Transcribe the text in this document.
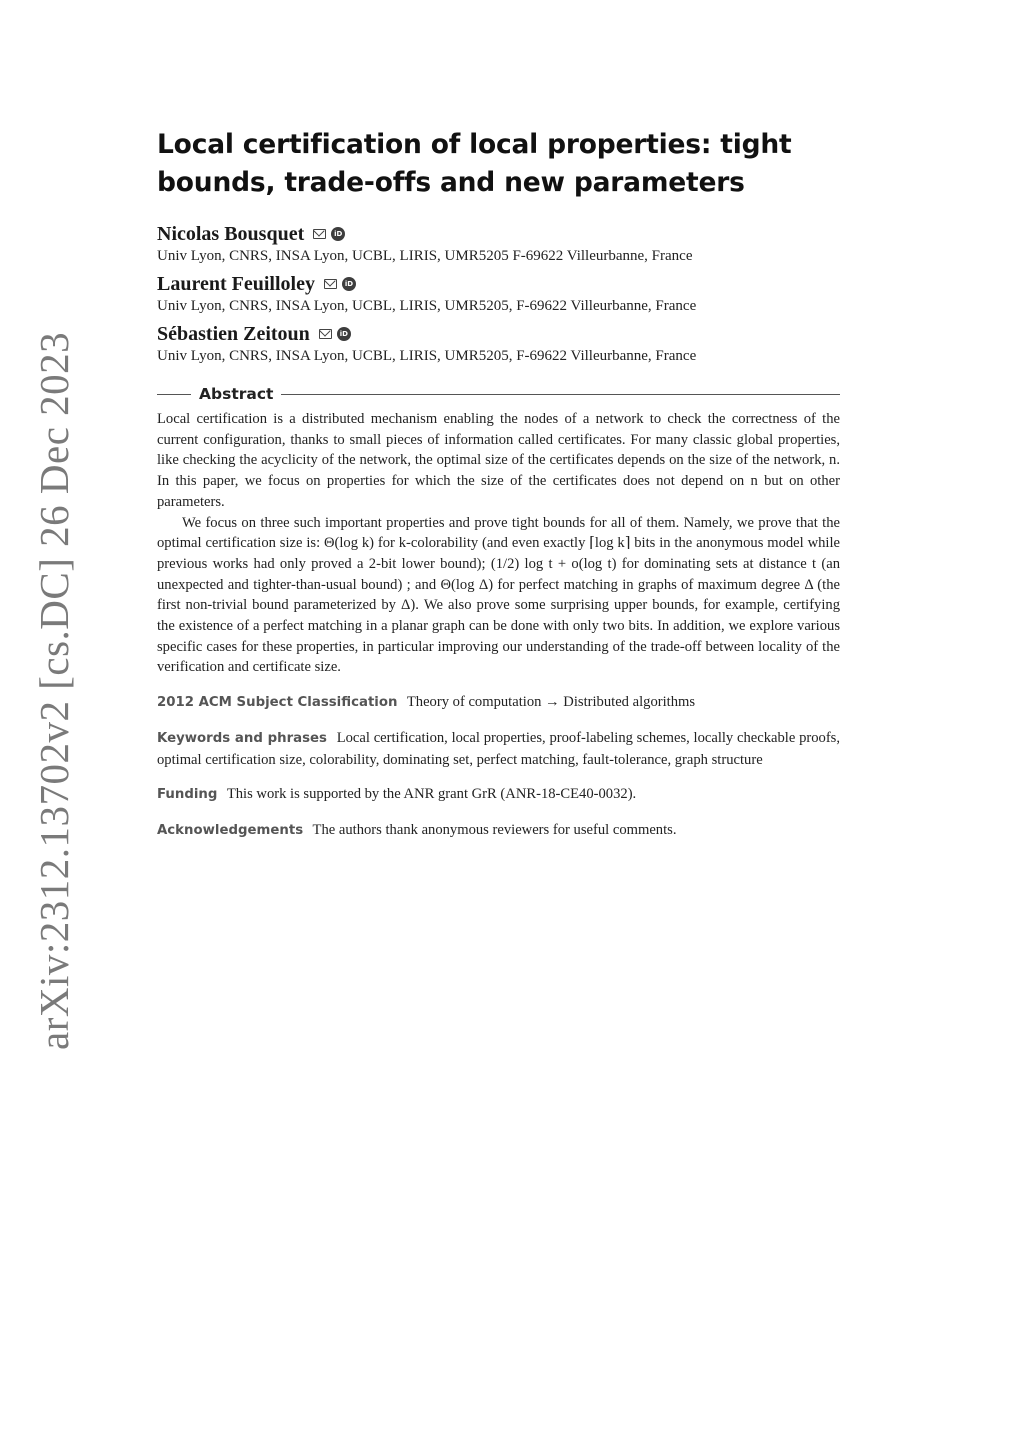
arXiv:2312.13702v2 [cs.DC] 26 Dec 2023
Local certification of local properties: tight bounds, trade-offs and new parameters
Nicolas Bousquet	iD
Univ Lyon, CNRS, INSA Lyon, UCBL, LIRIS, UMR5205 F-69622 Villeurbanne, France
Laurent Feuilloley	iD
Univ Lyon, CNRS, INSA Lyon, UCBL, LIRIS, UMR5205, F-69622 Villeurbanne, France
Sébastien Zeitoun	iD
Univ Lyon, CNRS, INSA Lyon, UCBL, LIRIS, UMR5205, F-69622 Villeurbanne, France
Abstract

Local certification is a distributed mechanism enabling the nodes of a network to check the correctness of the current configuration, thanks to small pieces of information called certificates. For many classic global properties, like checking the acyclicity of the network, the optimal size of the certificates depends on the size of the network, n. In this paper, we focus on properties for which the size of the certificates does not depend on n but on other parameters.

We focus on three such important properties and prove tight bounds for all of them. Namely, we prove that the optimal certification size is: Θ(log k) for k-colorability (and even exactly ⌈log k⌉ bits in the anonymous model while previous works had only proved a 2-bit lower bound); (1/2) log t + o(log t) for dominating sets at distance t (an unexpected and tighter-than-usual bound) ; and Θ(log Δ) for perfect matching in graphs of maximum degree Δ (the first non-trivial bound parameterized by Δ). We also prove some surprising upper bounds, for example, certifying the existence of a perfect matching in a planar graph can be done with only two bits. In addition, we explore various specific cases for these properties, in particular improving our understanding of the trade-off between locality of the verification and certificate size.

2012 ACM Subject Classification Theory of computation → Distributed algorithms
Keywords and phrases Local certification, local properties, proof-labeling schemes, locally checkable proofs, optimal certification size, colorability, dominating set, perfect matching, fault-tolerance, graph structure
Funding This work is supported by the ANR grant GrR (ANR-18-CE40-0032).
Acknowledgements The authors thank anonymous reviewers for useful comments.
